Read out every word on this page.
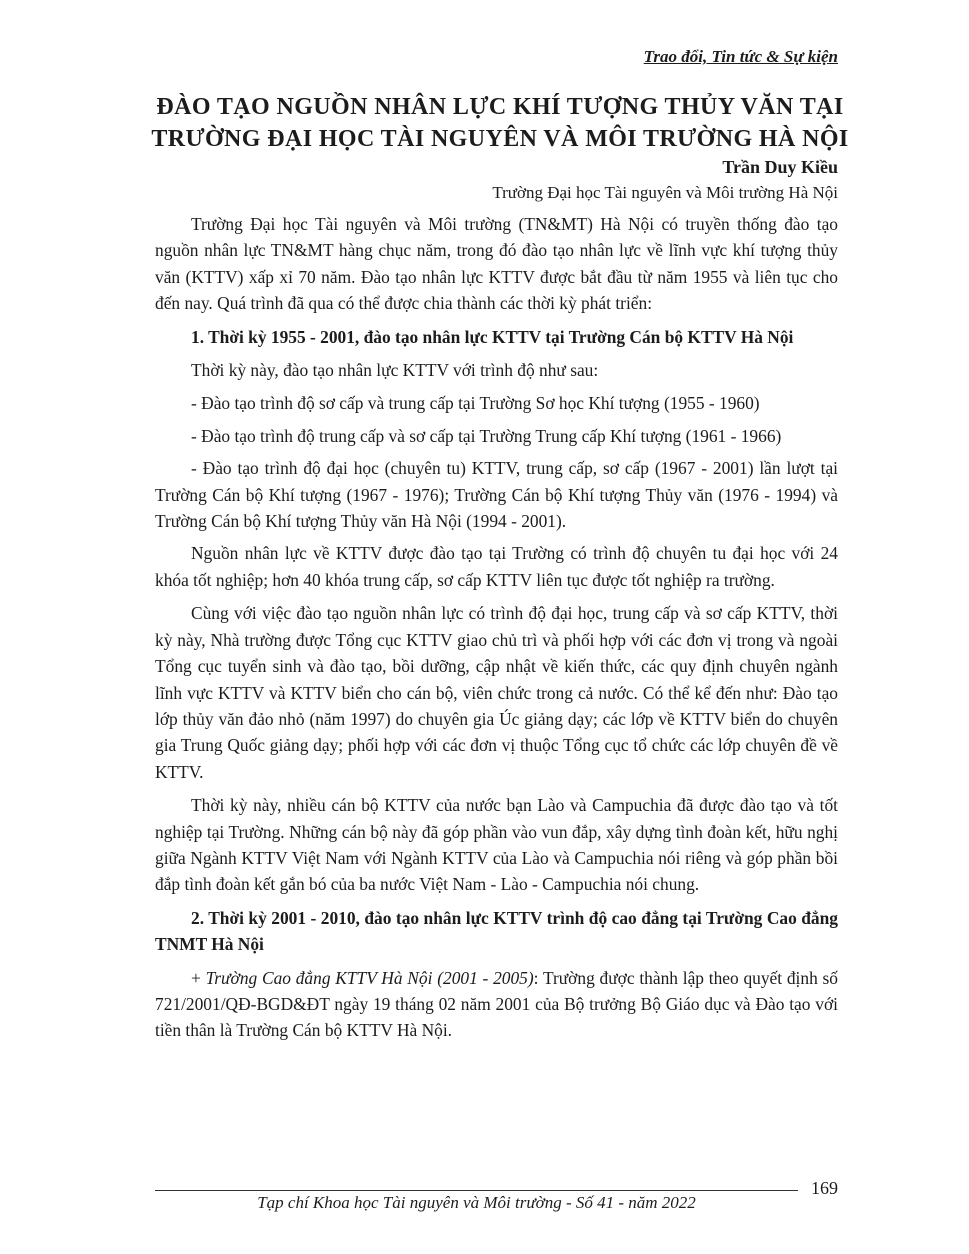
Trao đổi, Tin tức & Sự kiện
ĐÀO TẠO NGUỒN NHÂN LỰC KHÍ TƯỢNG THỦY VĂN TẠI
TRƯỜNG ĐẠI HỌC TÀI NGUYÊN VÀ MÔI TRƯỜNG HÀ NỘI
Trần Duy Kiều
Trường Đại học Tài nguyên và Môi trường Hà Nội

Trường Đại học Tài nguyên và Môi trường (TN&MT) Hà Nội có truyền thống đào tạo nguồn nhân lực TN&MT hàng chục năm, trong đó đào tạo nhân lực về lĩnh vực khí tượng thủy văn (KTTV) xấp xỉ 70 năm. Đào tạo nhân lực KTTV được bắt đầu từ năm 1955 và liên tục cho đến nay. Quá trình đã qua có thể được chia thành các thời kỳ phát triển:

1. Thời kỳ 1955 - 2001, đào tạo nhân lực KTTV tại Trường Cán bộ KTTV Hà Nội

Thời kỳ này, đào tạo nhân lực KTTV với trình độ như sau:

- Đào tạo trình độ sơ cấp và trung cấp tại Trường Sơ học Khí tượng (1955 - 1960)

- Đào tạo trình độ trung cấp và sơ cấp tại Trường Trung cấp Khí tượng (1961 - 1966)

- Đào tạo trình độ đại học (chuyên tu) KTTV, trung cấp, sơ cấp (1967 - 2001) lần lượt tại Trường Cán bộ Khí tượng (1967 - 1976); Trường Cán bộ Khí tượng Thủy văn (1976 - 1994) và Trường Cán bộ Khí tượng Thủy văn Hà Nội (1994 - 2001).

Nguồn nhân lực về KTTV được đào tạo tại Trường có trình độ chuyên tu đại học với 24 khóa tốt nghiệp; hơn 40 khóa trung cấp, sơ cấp KTTV liên tục được tốt nghiệp ra trường.

Cùng với việc đào tạo nguồn nhân lực có trình độ đại học, trung cấp và sơ cấp KTTV, thời kỳ này, Nhà trường được Tổng cục KTTV giao chủ trì và phối hợp với các đơn vị trong và ngoài Tổng cục tuyển sinh và đào tạo, bồi dưỡng, cập nhật về kiến thức, các quy định chuyên ngành lĩnh vực KTTV và KTTV biển cho cán bộ, viên chức trong cả nước. Có thể kể đến như: Đào tạo lớp thủy văn đảo nhỏ (năm 1997) do chuyên gia Úc giảng dạy; các lớp về KTTV biển do chuyên gia Trung Quốc giảng dạy; phối hợp với các đơn vị thuộc Tổng cục tổ chức các lớp chuyên đề về KTTV.

Thời kỳ này, nhiều cán bộ KTTV của nước bạn Lào và Campuchia đã được đào tạo và tốt nghiệp tại Trường. Những cán bộ này đã góp phần vào vun đắp, xây dựng tình đoàn kết, hữu nghị giữa Ngành KTTV Việt Nam với Ngành KTTV của Lào và Campuchia nói riêng và góp phần bồi đắp tình đoàn kết gắn bó của ba nước Việt Nam - Lào - Campuchia nói chung.

2. Thời kỳ 2001 - 2010, đào tạo nhân lực KTTV trình độ cao đẳng tại Trường Cao đẳng TNMT Hà Nội

+ Trường Cao đẳng KTTV Hà Nội (2001 - 2005): Trường được thành lập theo quyết định số 721/2001/QĐ-BGD&ĐT ngày 19 tháng 02 năm 2001 của Bộ trưởng Bộ Giáo dục và Đào tạo với tiền thân là Trường Cán bộ KTTV Hà Nội.

169
Tạp chí Khoa học Tài nguyên và Môi trường - Số 41 - năm 2022
